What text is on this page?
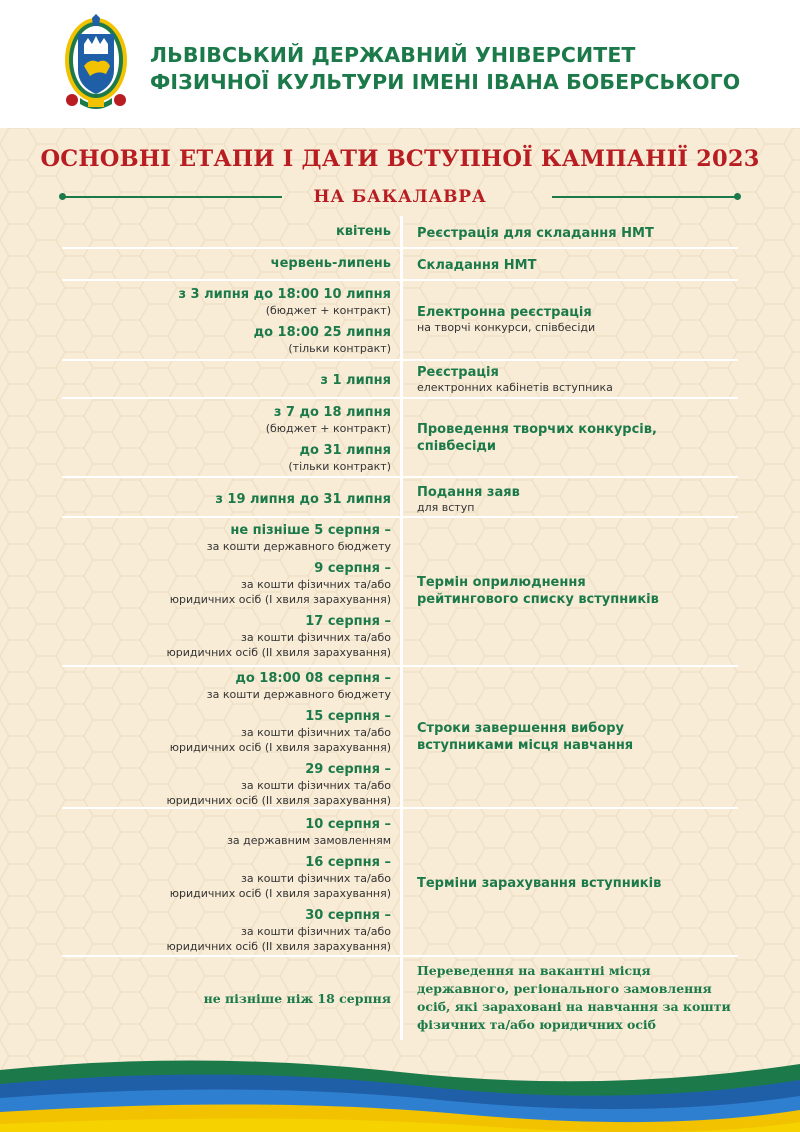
ЛЬВІВСЬКИЙ ДЕРЖАВНИЙ УНІВЕРСИТЕТ
ФІЗИЧНОЇ КУЛЬТУРИ ІМЕНІ ІВАНА БОБЕРСЬКОГО
ОСНОВНІ ЕТАПИ І ДАТИ ВСТУПНОЇ КАМПАНІЇ 2023
НА БАКАЛАВРА
квітень Реєстрація для складання НМТ
червень-липень Складання НМТ
з 3 липня до 18:00 10 липня
(бюджет + контракт)
до 18:00 25 липня
(тільки контракт)
Електронна реєстрація
на творчі конкурси, співбесіди
з 1 липня
Реєстрація
електронних кабінетів вступника
з 7 до 18 липня
(бюджет + контракт)
до 31 липня
(тільки контракт)
Проведення творчих конкурсів, співбесіди
з 19 липня до 31 липня Подання заяв
для вступ
не пізніше 5 серпня –
за кошти державного бюджету
9 серпня –
за кошти фізичних та/або
юридичних осіб (І хвиля зарахування)
17 серпня –
за кошти фізичних та/або
юридичних осіб (ІІ хвиля зарахування)
Термін оприлюднення рейтингового списку вступників
до 18:00 08 серпня –
за кошти державного бюджету
15 серпня –
за кошти фізичних та/або
юридичних осіб (І хвиля зарахування)
29 серпня –
за кошти фізичних та/або
юридичних осіб (ІІ хвиля зарахування)
Строки завершення вибору вступниками місця навчання
10 серпня –
за державним замовленням
16 серпня –
за кошти фізичних та/або
юридичних осіб (І хвиля зарахування)
30 серпня –
за кошти фізичних та/або
юридичних осіб (ІІ хвиля зарахування)
Терміни зарахування вступників
не пізніше ніж 18 серпня
Переведення на вакантні місця державного, регіонального замовлення осіб, які зараховані на навчання за кошти фізичних та/або юридичних осіб
